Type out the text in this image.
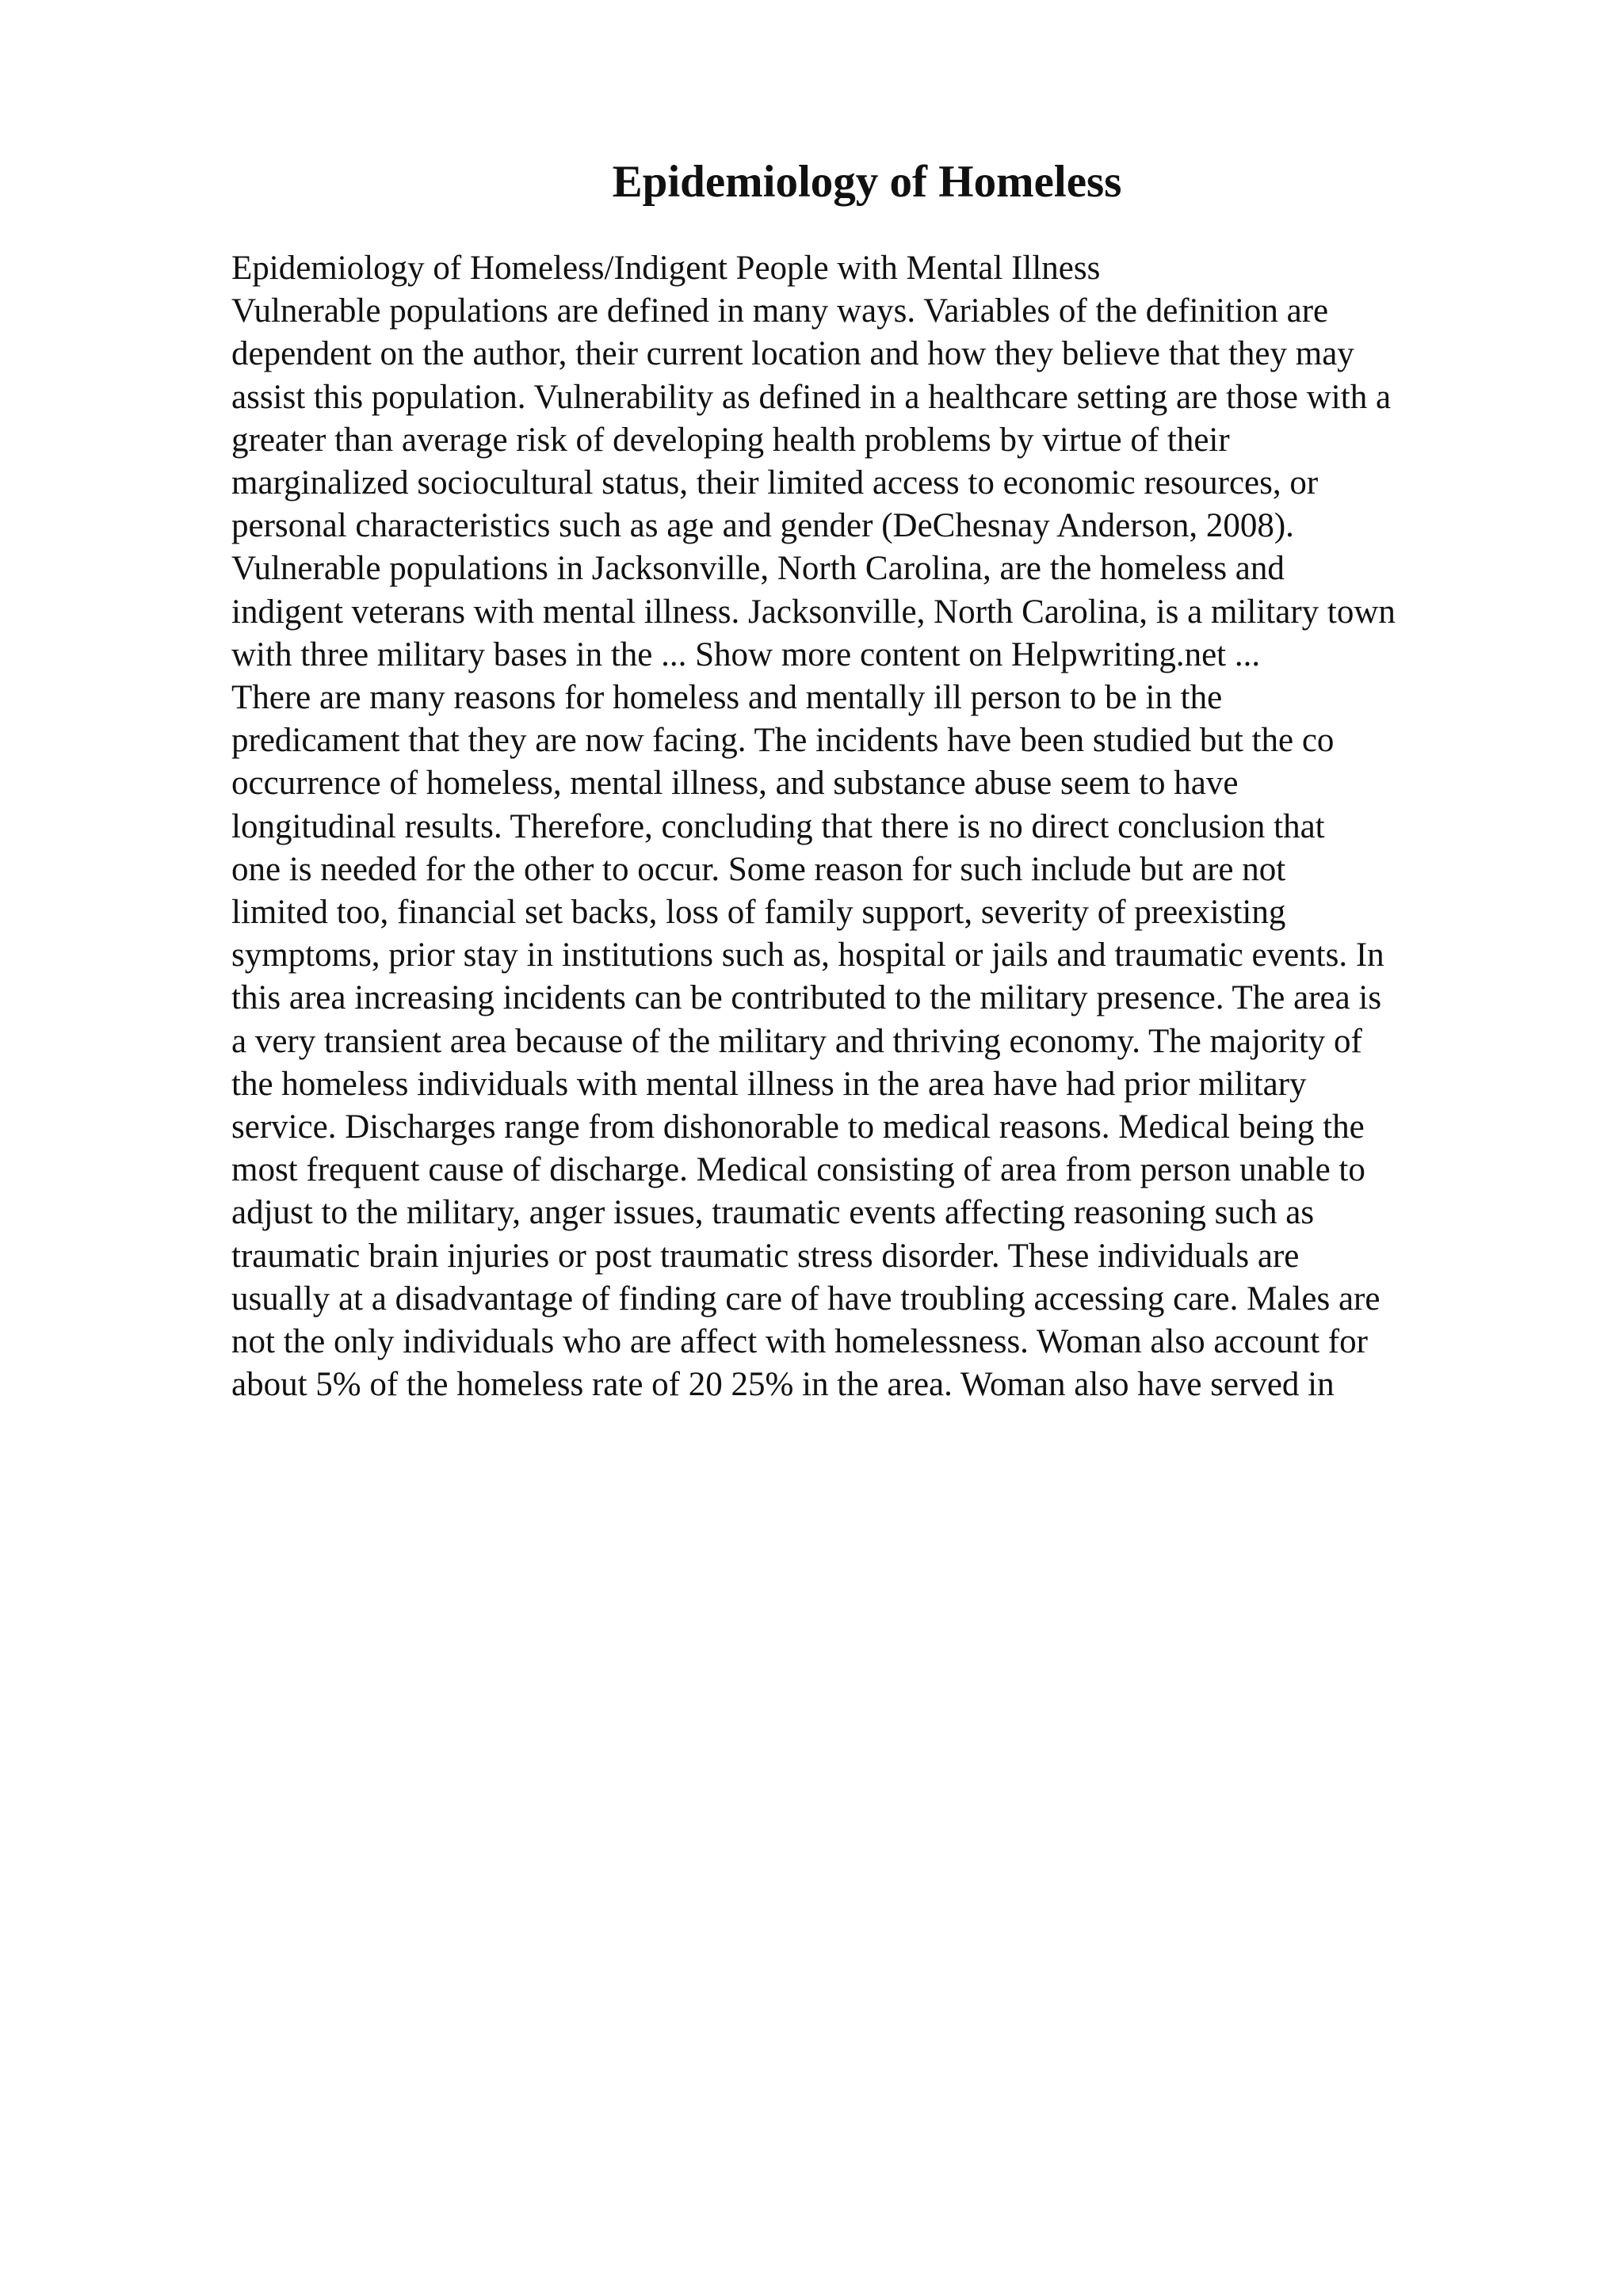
Epidemiology of Homeless
Epidemiology of Homeless/Indigent People with Mental Illness
Vulnerable populations are defined in many ways. Variables of the definition are
dependent on the author, their current location and how they believe that they may
assist this population. Vulnerability as defined in a healthcare setting are those with a
greater than average risk of developing health problems by virtue of their
marginalized sociocultural status, their limited access to economic resources, or
personal characteristics such as age and gender (DeChesnay Anderson, 2008).
Vulnerable populations in Jacksonville, North Carolina, are the homeless and
indigent veterans with mental illness. Jacksonville, North Carolina, is a military town
with three military bases in the ... Show more content on Helpwriting.net ...
There are many reasons for homeless and mentally ill person to be in the
predicament that they are now facing. The incidents have been studied but the co
occurrence of homeless, mental illness, and substance abuse seem to have
longitudinal results. Therefore, concluding that there is no direct conclusion that
one is needed for the other to occur. Some reason for such include but are not
limited too, financial set backs, loss of family support, severity of preexisting
symptoms, prior stay in institutions such as, hospital or jails and traumatic events. In
this area increasing incidents can be contributed to the military presence. The area is
a very transient area because of the military and thriving economy. The majority of
the homeless individuals with mental illness in the area have had prior military
service. Discharges range from dishonorable to medical reasons. Medical being the
most frequent cause of discharge. Medical consisting of area from person unable to
adjust to the military, anger issues, traumatic events affecting reasoning such as
traumatic brain injuries or post traumatic stress disorder. These individuals are
usually at a disadvantage of finding care of have troubling accessing care. Males are
not the only individuals who are affect with homelessness. Woman also account for
about 5% of the homeless rate of 20 25% in the area. Woman also have served in
